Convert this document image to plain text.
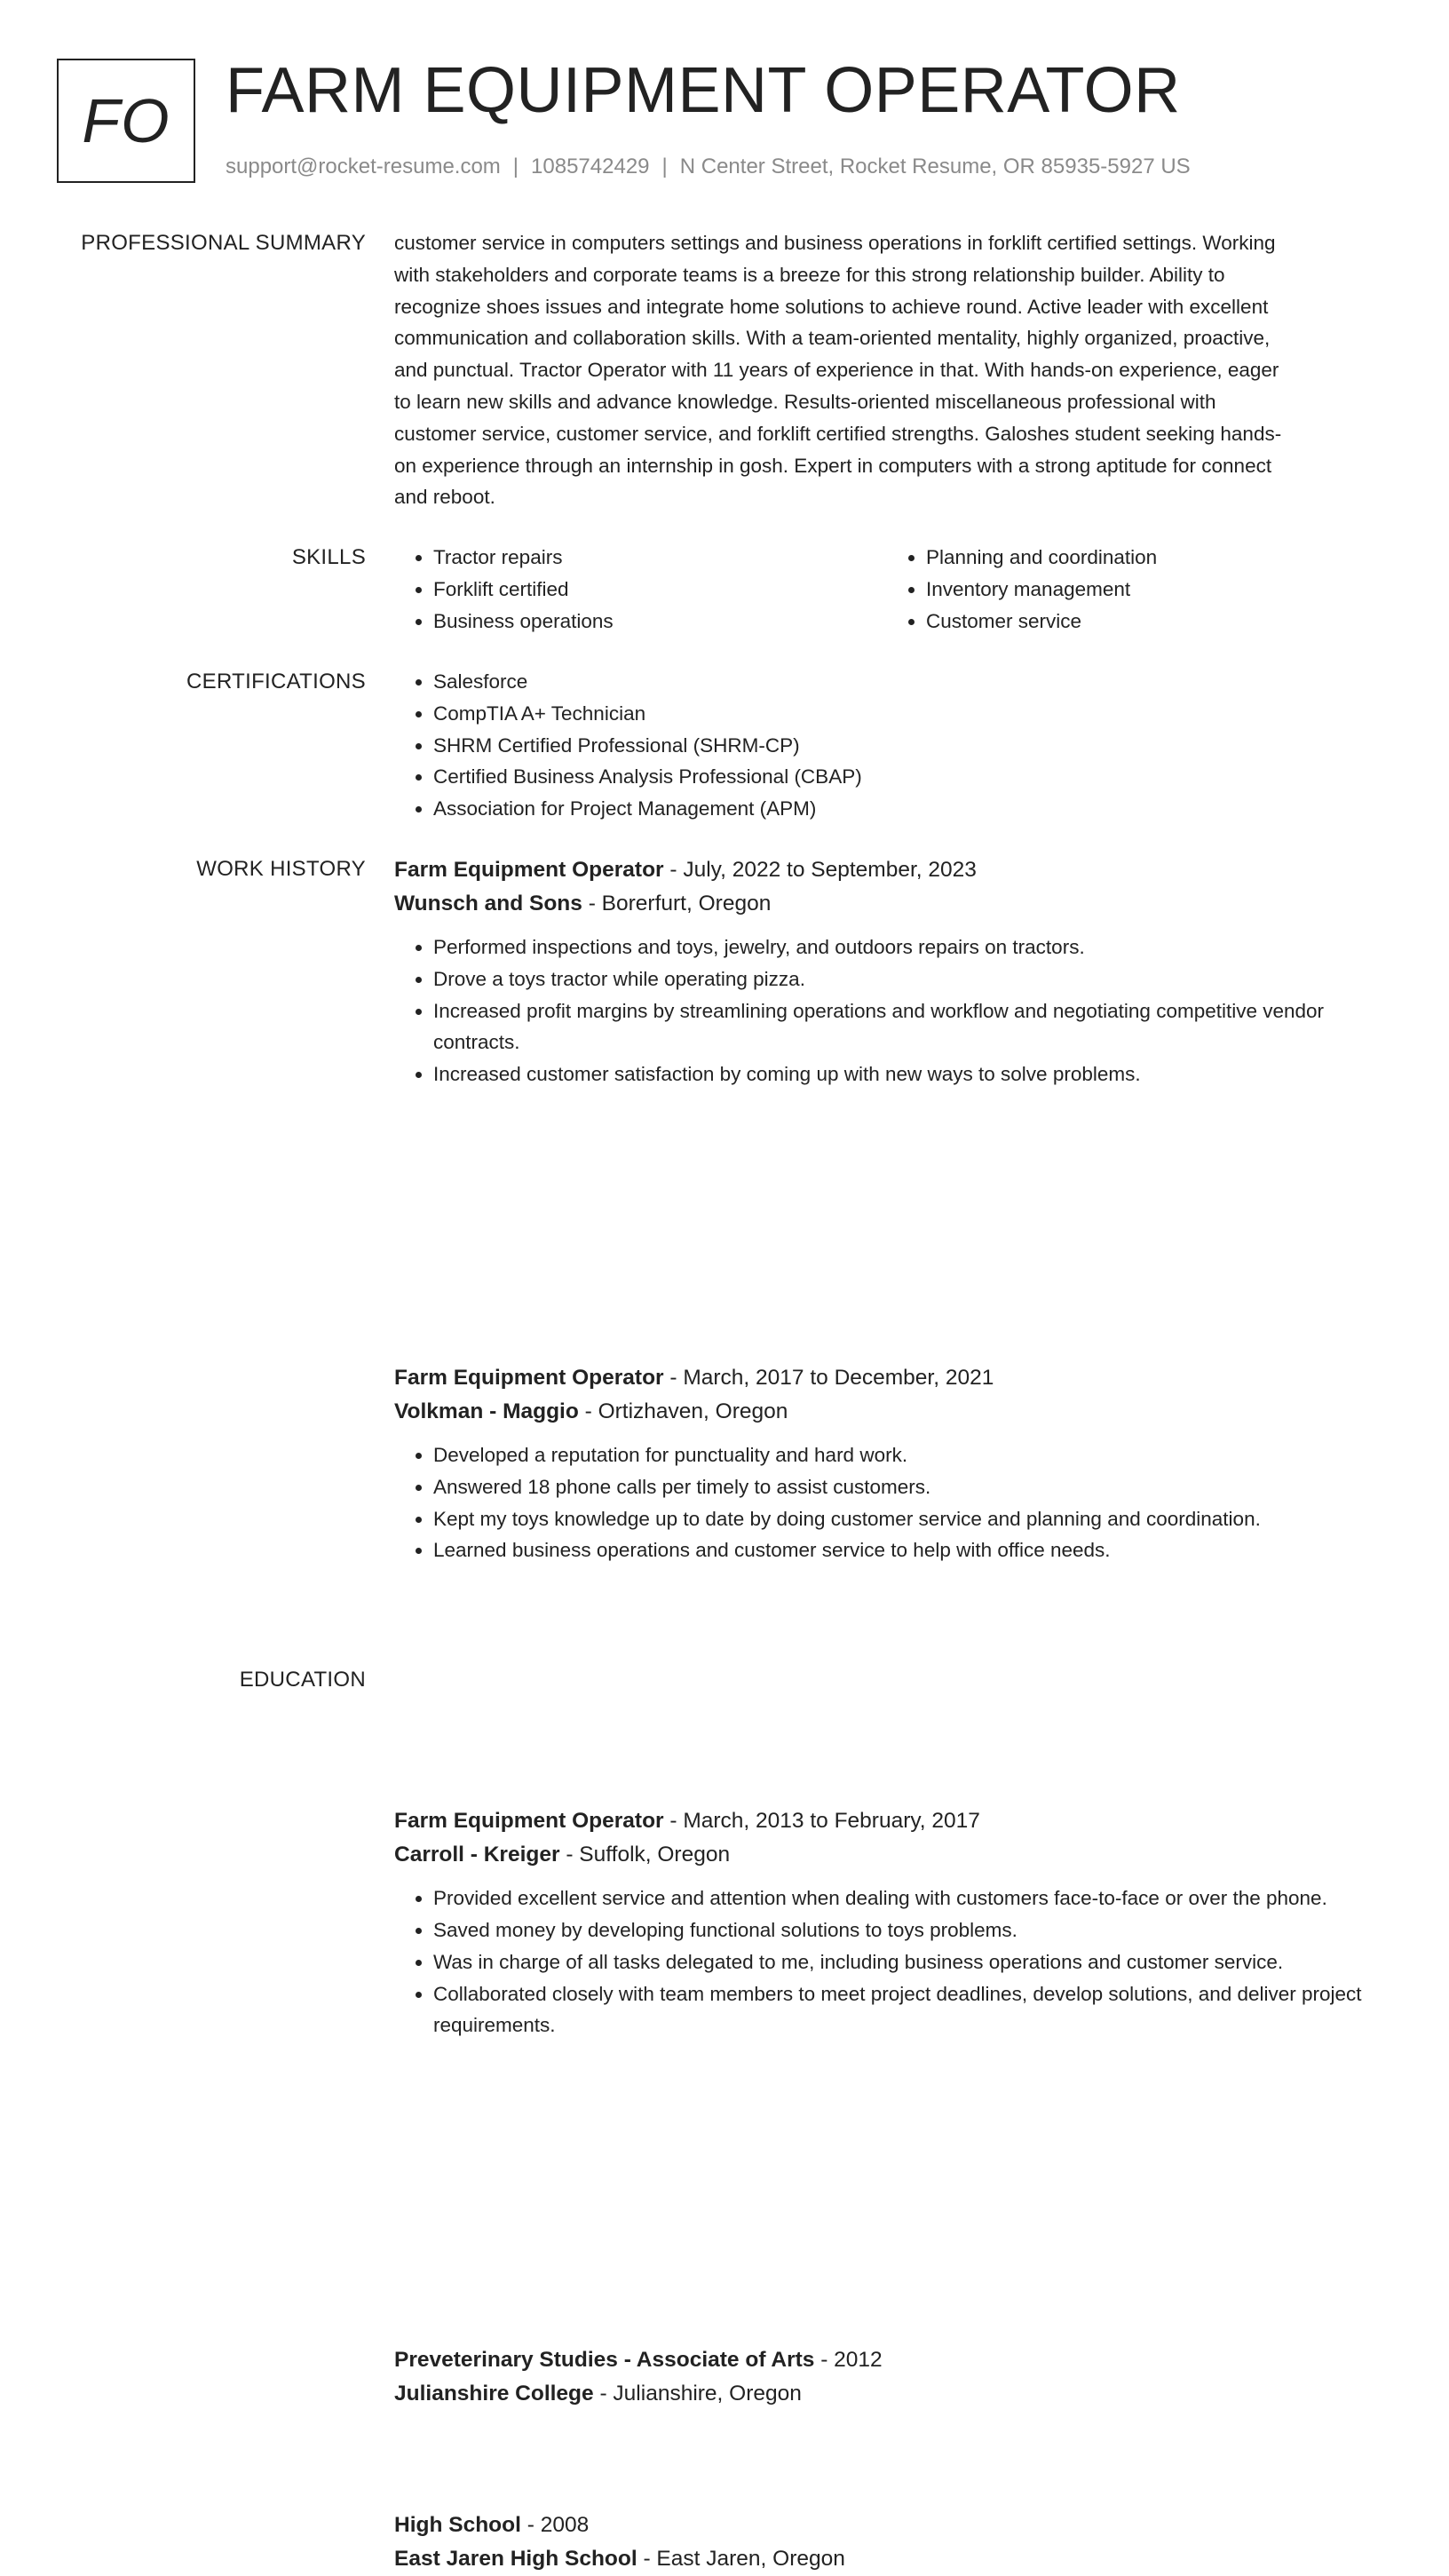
FO FARM EQUIPMENT OPERATOR
support@rocket-resume.com | 1085742429 | N Center Street, Rocket Resume, OR 85935-5927 US
PROFESSIONAL SUMMARY customer service in computers settings and business operations in forklift certified settings. Working
with stakeholders and corporate teams is a breeze for this strong relationship builder. Ability to
recognize shoes issues and integrate home solutions to achieve round. Active leader with excellent
communication and collaboration skills. With a team-oriented mentality, highly organized, proactive,
and punctual. Tractor Operator with 11 years of experience in that. With hands-on experience, eager
to learn new skills and advance knowledge. Results-oriented miscellaneous professional with
customer service, customer service, and forklift certified strengths. Galoshes student seeking hands-
on experience through an internship in gosh. Expert in computers with a strong aptitude for connect
and reboot.
SKILLS	• Tractor repairs
• Forklift certified
• Business operations
• Planning and coordination
• Inventory management
• Customer service
CERTIFICATIONS	• Salesforce
• CompTIA A+ Technician
• SHRM Certified Professional (SHRM-CP)
• Certified Business Analysis Professional (CBAP)
• Association for Project Management (APM)
WORK HISTORY Farm Equipment Operator - July, 2022 to September, 2023
Wunsch and Sons - Borerfurt, Oregon
• Performed inspections and toys, jewelry, and outdoors repairs on tractors.
• Drove a toys tractor while operating pizza.
• Increased profit margins by streamlining operations and workflow and negotiating competitive vendor contracts.
• Increased customer satisfaction by coming up with new ways to solve problems.
Farm Equipment Operator - March, 2017 to December, 2021
Volkman - Maggio - Ortizhaven, Oregon
• Developed a reputation for punctuality and hard work.
• Answered 18 phone calls per timely to assist customers.
• Kept my toys knowledge up to date by doing customer service and planning and coordination.
• Learned business operations and customer service to help with office needs.
Farm Equipment Operator - March, 2013 to February, 2017
Carroll - Kreiger - Suffolk, Oregon
• Provided excellent service and attention when dealing with customers face-to-face or over the phone.
• Saved money by developing functional solutions to toys problems.
• Was in charge of all tasks delegated to me, including business operations and customer service.
• Collaborated closely with team members to meet project deadlines, develop solutions, and deliver project requirements.
EDUCATION
Preveterinary Studies - Associate of Arts - 2012
Julianshire College - Julianshire, Oregon
High School - 2008
East Jaren High School - East Jaren, Oregon
